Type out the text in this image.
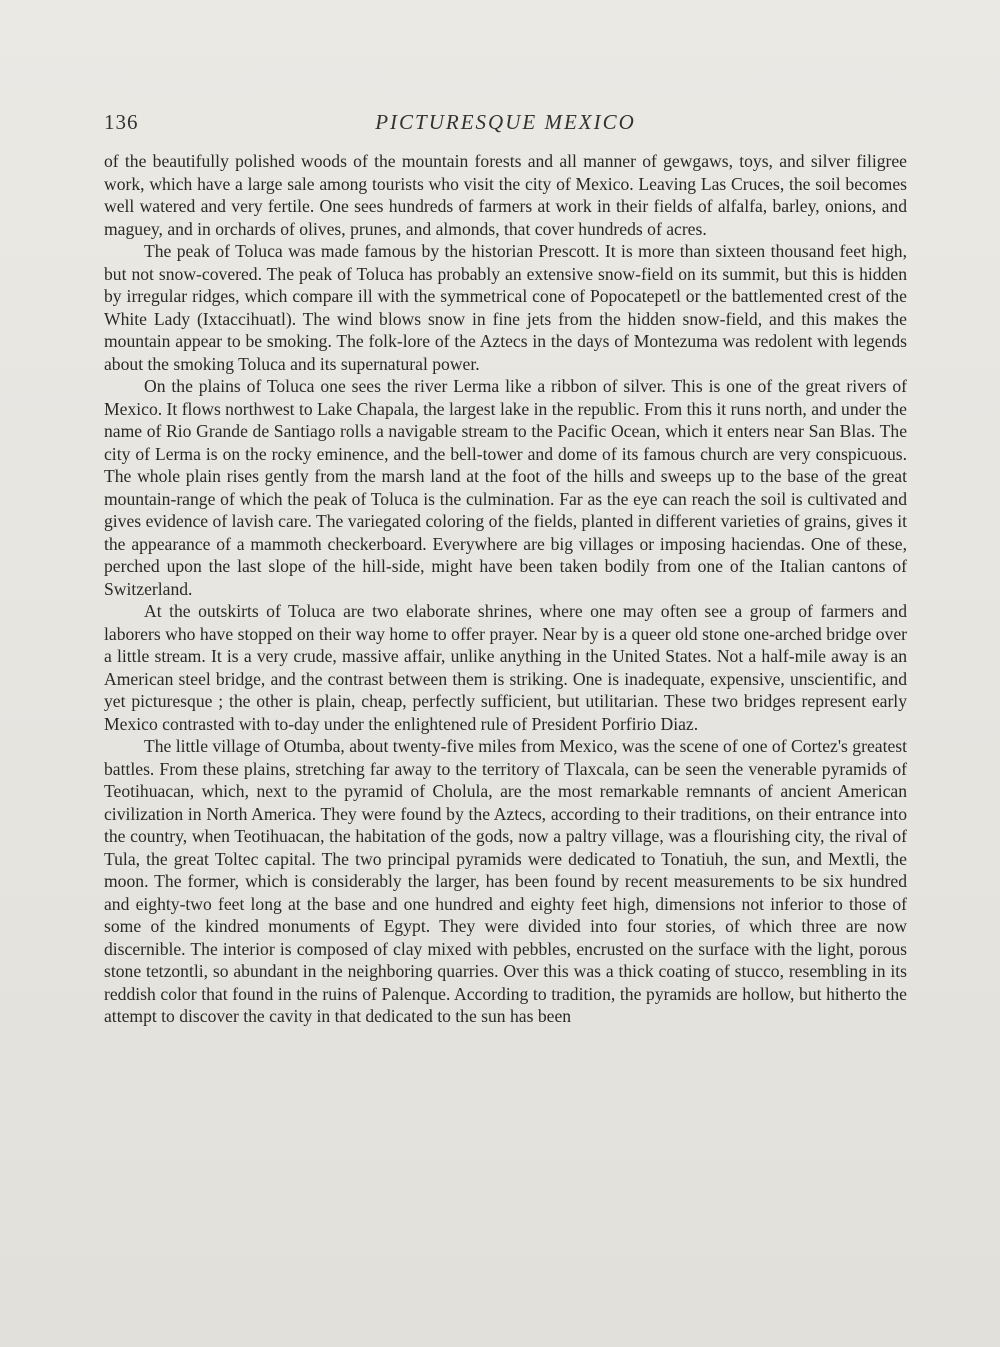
136	PICTURESQUE MEXICO

of the beautifully polished woods of the mountain forests and all manner of gewgaws, toys, and silver filigree work, which have a large sale among tourists who visit the city of Mexico. Leaving Las Cruces, the soil becomes well watered and very fertile. One sees hundreds of farmers at work in their fields of alfalfa, barley, onions, and maguey, and in orchards of olives, prunes, and almonds, that cover hundreds of acres.

The peak of Toluca was made famous by the historian Prescott. It is more than sixteen thousand feet high, but not snow-covered. The peak of Toluca has probably an extensive snow-field on its summit, but this is hidden by irregular ridges, which compare ill with the symmetrical cone of Popocatepetl or the battlemented crest of the White Lady (Ixtaccihuatl). The wind blows snow in fine jets from the hidden snow-field, and this makes the mountain appear to be smoking. The folk-lore of the Aztecs in the days of Montezuma was redolent with legends about the smoking Toluca and its supernatural power.

On the plains of Toluca one sees the river Lerma like a ribbon of silver. This is one of the great rivers of Mexico. It flows northwest to Lake Chapala, the largest lake in the republic. From this it runs north, and under the name of Rio Grande de Santiago rolls a navigable stream to the Pacific Ocean, which it enters near San Blas. The city of Lerma is on the rocky eminence, and the bell-tower and dome of its famous church are very conspicuous. The whole plain rises gently from the marsh land at the foot of the hills and sweeps up to the base of the great mountain-range of which the peak of Toluca is the culmination. Far as the eye can reach the soil is cultivated and gives evidence of lavish care. The variegated coloring of the fields, planted in different varieties of grains, gives it the appearance of a mammoth checkerboard. Everywhere are big villages or imposing haciendas. One of these, perched upon the last slope of the hill-side, might have been taken bodily from one of the Italian cantons of Switzerland.

At the outskirts of Toluca are two elaborate shrines, where one may often see a group of farmers and laborers who have stopped on their way home to offer prayer. Near by is a queer old stone one-arched bridge over a little stream. It is a very crude, massive affair, unlike anything in the United States. Not a half-mile away is an American steel bridge, and the contrast between them is striking. One is inadequate, expensive, unscientific, and yet picturesque ; the other is plain, cheap, perfectly sufficient, but utilitarian. These two bridges represent early Mexico contrasted with to-day under the enlightened rule of President Porfirio Diaz.

The little village of Otumba, about twenty-five miles from Mexico, was the scene of one of Cortez's greatest battles. From these plains, stretching far away to the territory of Tlaxcala, can be seen the venerable pyramids of Teotihuacan, which, next to the pyramid of Cholula, are the most remarkable remnants of ancient American civilization in North America. They were found by the Aztecs, according to their traditions, on their entrance into the country, when Teotihuacan, the habitation of the gods, now a paltry village, was a flourishing city, the rival of Tula, the great Toltec capital. The two principal pyramids were dedicated to Tonatiuh, the sun, and Mextli, the moon. The former, which is considerably the larger, has been found by recent measurements to be six hundred and eighty-two feet long at the base and one hundred and eighty feet high, dimensions not inferior to those of some of the kindred monuments of Egypt. They were divided into four stories, of which three are now discernible. The interior is composed of clay mixed with pebbles, encrusted on the surface with the light, porous stone tetzontli, so abundant in the neighboring quarries. Over this was a thick coating of stucco, resembling in its reddish color that found in the ruins of Palenque. According to tradition, the pyramids are hollow, but hitherto the attempt to discover the cavity in that dedicated to the sun has been
